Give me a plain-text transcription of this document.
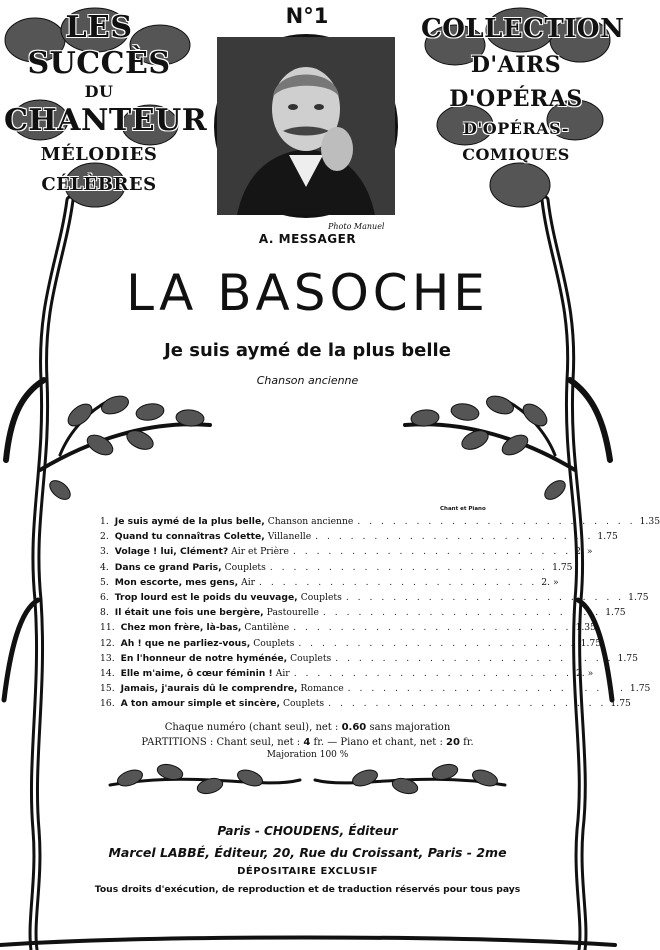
LES SUCCÈS
DU
CHANTEUR
MÉLODIES CÉLÈBRES
COLLECTION
D'AIRS
D'OPÉRAS
D'OPÉRAS-COMIQUES
N°1
Photo Manuel
A. MESSAGER
LA BASOCHE
Je suis aymé de la plus belle
Chanson ancienne
Chant et Piano
1. Je suis aymé de la plus belle, Chanson ancienne . . . . . . . . . . . . . . . . . . . . . . . . 1.35
2. Quand tu connaîtras Colette, Villanelle . . . . . . . . . . . . . . . . . . . . . . . . 1.75
3. Volage ! lui, Clément? Air et Prière . . . . . . . . . . . . . . . . . . . . . . . . 2. »
4. Dans ce grand Paris, Couplets . . . . . . . . . . . . . . . . . . . . . . . . 1.75
5. Mon escorte, mes gens, Air . . . . . . . . . . . . . . . . . . . . . . . . 2. »
6. Trop lourd est le poids du veuvage, Couplets . . . . . . . . . . . . . . . . . . . . . . . . 1.75
8. Il était une fois une bergère, Pastourelle . . . . . . . . . . . . . . . . . . . . . . . . 1.75
11. Chez mon frère, là-bas, Cantilène . . . . . . . . . . . . . . . . . . . . . . . . 1.35
12. Ah ! que ne parliez-vous, Couplets . . . . . . . . . . . . . . . . . . . . . . . . 1.75
13. En l'honneur de notre hyménée, Couplets . . . . . . . . . . . . . . . . . . . . . . . . 1.75
14. Elle m'aime, ô cœur féminin ! Air . . . . . . . . . . . . . . . . . . . . . . . . 2. »
15. Jamais, j'aurais dû le comprendre, Romance . . . . . . . . . . . . . . . . . . . . . . . . 1.75
16. A ton amour simple et sincère, Couplets . . . . . . . . . . . . . . . . . . . . . . . . 1.75
Chaque numéro (chant seul), net : 0.60 sans majoration
PARTITIONS : Chant seul, net : 4 fr. — Piano et chant, net : 20 fr.
Majoration 100 %
Paris - CHOUDENS, Éditeur
Marcel LABBÉ, Éditeur, 20, Rue du Croissant, Paris - 2me
DÉPOSITAIRE EXCLUSIF
Tous droits d'exécution, de reproduction et de traduction réservés pour tous pays
